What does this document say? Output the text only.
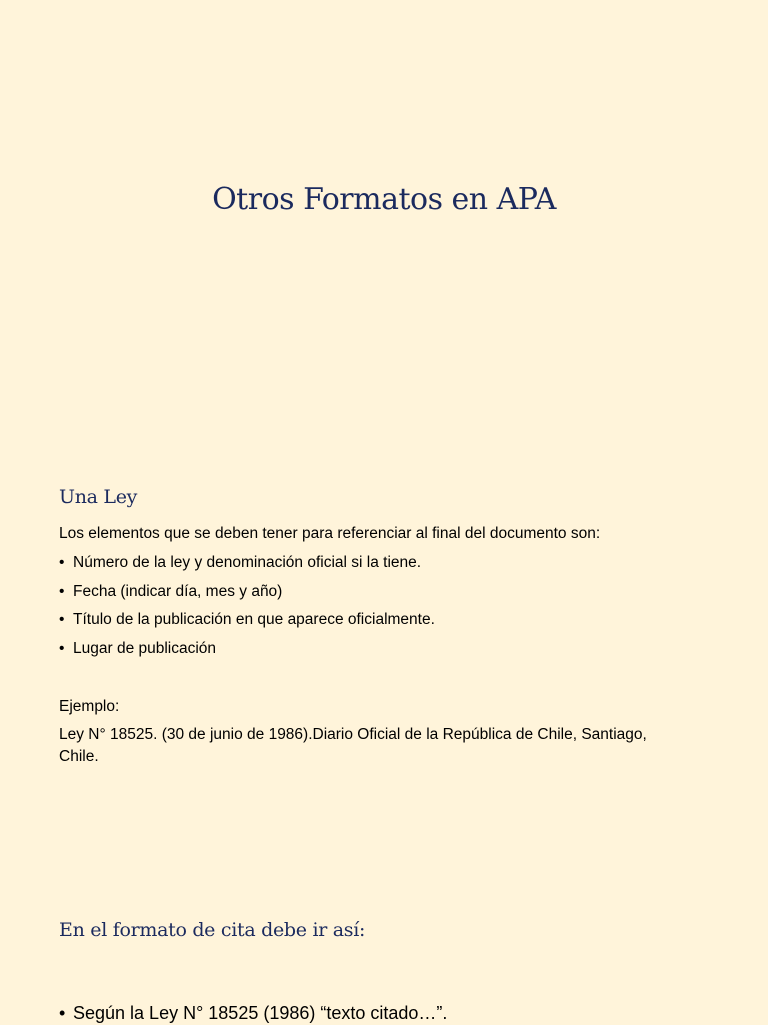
Otros Formatos en APA
Una Ley

Los elementos que se deben tener para referenciar al final del documento son:

• Número de la ley y denominación oficial si la tiene.
• Fecha (indicar día, mes y año)
• Título de la publicación en que aparece oficialmente.
• Lugar de publicación

Ejemplo:

Ley N° 18525. (30 de junio de 1986).Diario Oficial de la República de Chile, Santiago, Chile.

En el formato de cita debe ir así:

• Según la Ley N° 18525 (1986) “texto citado…”.
